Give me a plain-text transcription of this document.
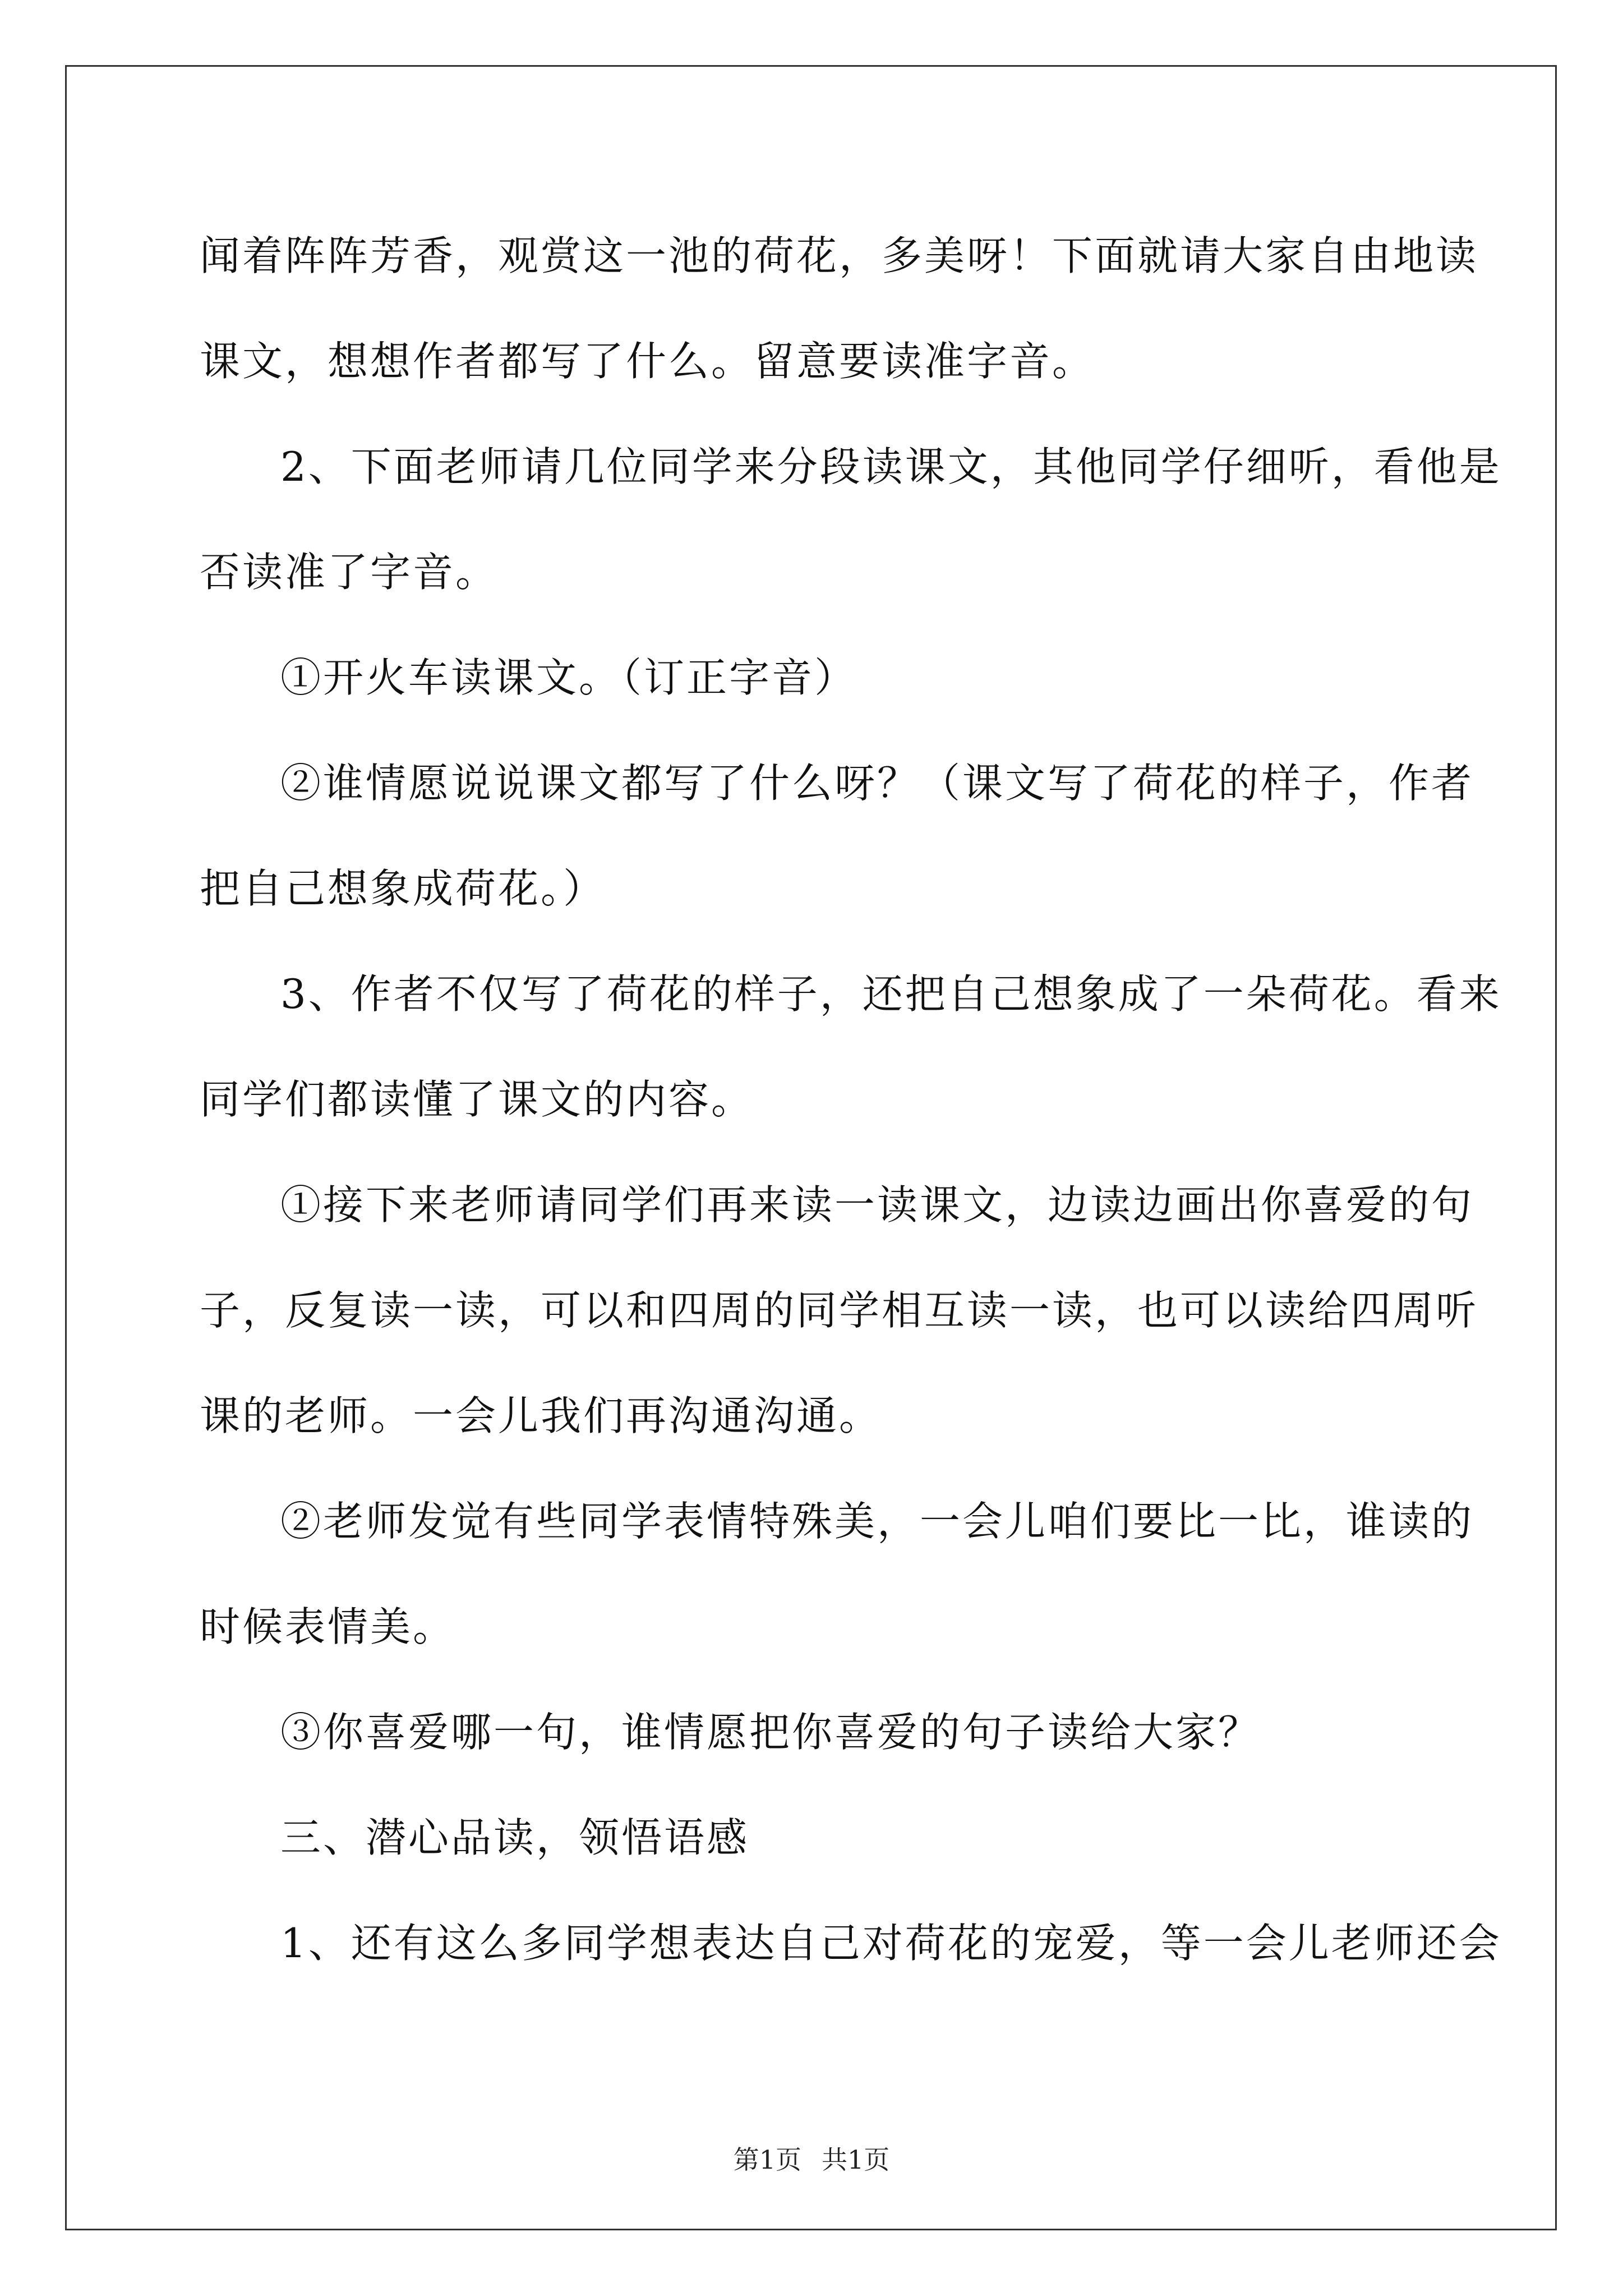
闻着阵阵芳香，观赏这一池的荷花，多美呀！下面就请大家自由地读
课文，想想作者都写了什么。留意要读准字音。
2、下面老师请几位同学来分段读课文，其他同学仔细听，看他是
否读准了字音。
①开火车读课文。（订正字音）
②谁情愿说说课文都写了什么呀？（课文写了荷花的样子，作者
把自己想象成荷花。）
3、作者不仅写了荷花的样子，还把自己想象成了一朵荷花。看来
同学们都读懂了课文的内容。
①接下来老师请同学们再来读一读课文，边读边画出你喜爱的句
子，反复读一读，可以和四周的同学相互读一读，也可以读给四周听
课的老师。一会儿我们再沟通沟通。
②老师发觉有些同学表情特殊美，一会儿咱们要比一比，谁读的
时候表情美。
③你喜爱哪一句，谁情愿把你喜爱的句子读给大家？
三、潜心品读，领悟语感
1、还有这么多同学想表达自己对荷花的宠爱，等一会儿老师还会
第1页 共1页
